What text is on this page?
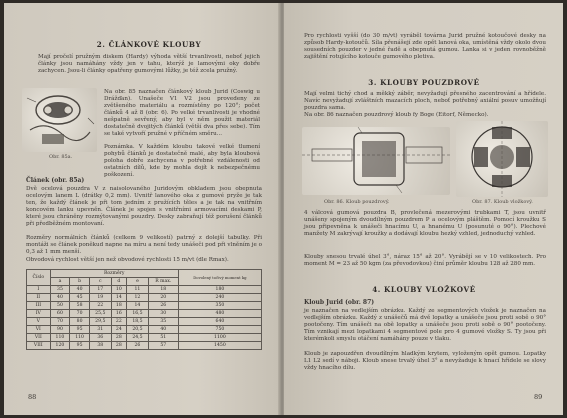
2. ČLÁNKOVÉ KLOUBY
Mají pročelí pružným diskem (Hardy) výhoda větší trvanlivosti, neboť jejich články jsou namáhány vždy jen v tahu, kterýž je lamovými oky dobře zachycen. Jsou-li články opatřeny gumovými lůžky, je též zcela pružný.
Obr. 85a.
Na obr. 85 naznačen článkový kloub Jurid (Coswig u Drážďan). Unašeče V1 V2 jsou provedeny ze zvětšeného materiálu a rozmístěny po 120°; počet článků 4 až 8 (obr. 6). Po velké trvanlivosti je vhodné nešpatně sevřený, aby byl v něm použit materiál dostatečně dvojitých článků (větší dva přes sebe). Tím se také vytvoří pružné v příčném směru...
Poznámka. V každém kloubu takové velké tlumení pohybů článků je dostatečně malé, aby byla kloubová poloha dobře zachycena v potřebné vzdálenosti od ostatních dílů, kde by mohla dojít k nebezpečnému poškození.
Článek (obr. 85a)
Dvě ocelová pouzdra V z naisolovaného Juridovým obkladem jsou obepnuta ocelovým lanem L (drátky 0,2 mm). Uvnitř lanového oka z gumové pryže je tak ten, že každý článek je při tom jedním z pružících těles a je tak na vnitřním koncovém lanku upevněn. Článek je spojen s vnitřními armovacími deskami P, které jsou chráněny rozmýtovanými pouzdry. Desky zabraňují též porušení článků při předběžném montovaní.
Rozměry normálních článků (celkem 9 velikostí) patrný z dolejší tabulky. Při montáži se článek poněkud napne na míru a není tedy unášeči pod při vlněním je o 0,3 až 1 mm menší.
Obvodová rychlost větší jen než obvodové rychlosti 15 m/vt (dle Rmax).
Číslo	Rozměry						Dovolený točivý moment kg
	a	b	c	d	e	R max.	
I	35	40	17	10	11	18	180
II	40	45	19	14	12	20	240
III	50	58	22	18	14	26	350
IV	60	70	25,5	16	16,5	30	480
V	70	80	29,5	22	18,5	35	640
VI	90	95	31	24	20,5	40	750
VII	110	110	36	28	24,5	51	1100
VIII	120	95	38	28	26	57	1450
88
Pro rychlosti vyšší (do 30 m/vt) vyráběl továrna Jurid pružné kotoučové desky na způsob Hardy-kotoučů. Síla přenášejí zde opět lanová oka, umístěná vždy okolo dvou sousedních pouzder v jedné řadě a obepnutá gumou. Lanka si v jeden rovnoběžně zajištění rotujícího kotouče gumového pletiva.
3. KLOUBY POUZDROVÉ
Mají velmi tichý chod a měkký záběr, nevyžadují přesného zacentrování a hřídele. Navíc nevyžadují zvláštních mazacích ploch, neboť potřebný axiální posuv umožňují pouzdra sama.
Na obr. 86 naznačen pouzdrový kloub fy Boge (Eitorf, Německo).
Obr. 86. Kloub pouzdrový.	Obr. 87. Kloub vložkový.
4 válcová gumová pouzdra B, provlečená mezerovými trubkami T, jsou uvnitř unášeny spojeným dvoudílným pouzdrem P a ocelovým pláštěm. Pomocí kroužku S jsou připevněna k unášeči hnacímu U, a hnanému U (posunuté o 90°). Plechové manžety M zakrývají kroužky a dodávají kloubu hezký vzhled, jednoduchý vzhled.
Klouby snesou trvalé úhel 3°, náraz 15° až 20°. Vyrábějí se v 10 velikostech. Pro moment M = 23 až 50 kgm (za převodovkou) činí průměr kloubu 128 až 280 mm.
4. KLOUBY VLOŽKOVÉ
Kloub Jurid (obr. 87)
je naznačen na vedlejším obrázku. Každý ze segmentových vložek je naznačen na vedlejším obrázku. Každý z unášečů má dvě lopatky a unášeče jsou proti sobě o 90° pootočeny. Tím unášeči na obě lopatky a unášeče jsou proti sobě o 90° pootočeny. Tím vznikají mezi lopatkami 4 segmentové pole pro 4 gumové vložky S. Ty jsou při kterémkoli smyslu otáčení namáhány pouze v tlaku.
Kloub je zapouzdřen dvoudílným hladkým krytem, vyloženým opět gumou. Lopatky L1 L2 sedí v náboji. Kloub snese trvalý úhel 3° a nevyžaduje k hnací hřídele se slovy vždy hnacího dílu.
89
